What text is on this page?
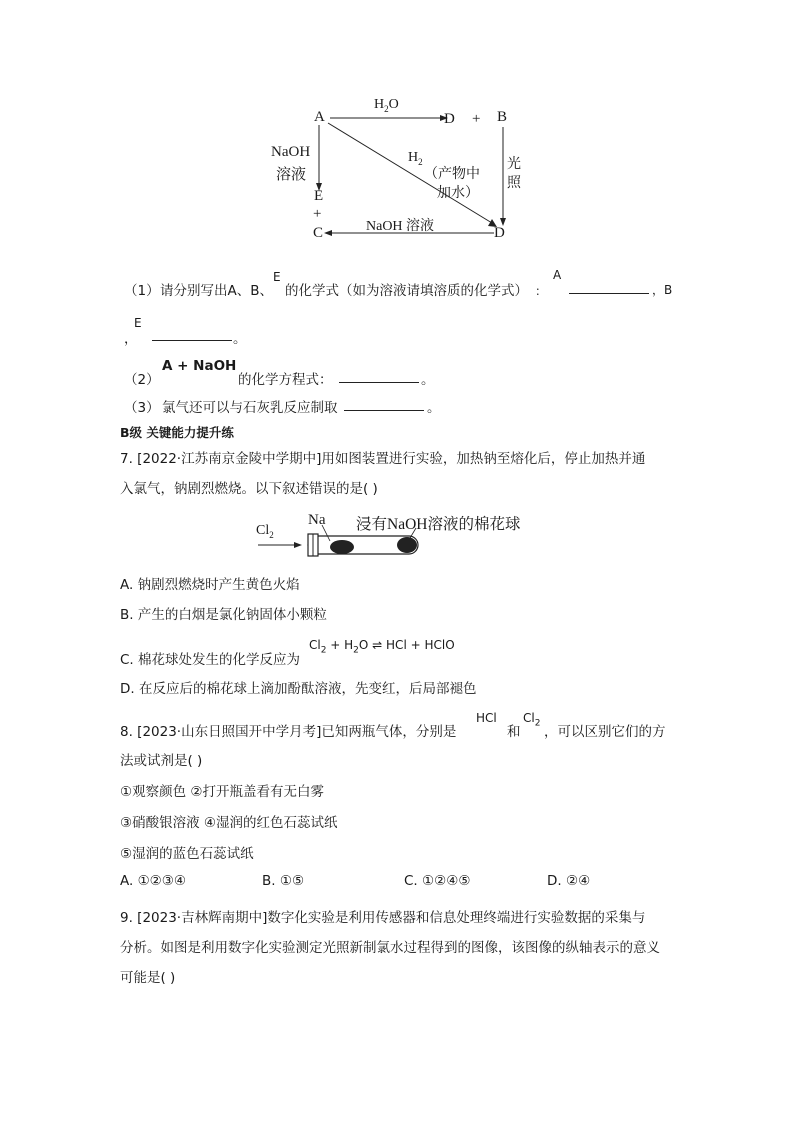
A
$H_2O$
D + B
NaOH
溶液
$H_2$
（产物中
加水）
光
照
E
+
C	NaOH 溶液	D
（1） 请分别写出A、B、
E
的化学式（如为溶液请填溶质的化学式） ：
A
，B
，
E
。
（2）
A + NaOH
的化学方程式：	。
（3） 氯气还可以与石灰乳反应制取	。
B级 关键能力提升练
7. [2022·江苏南京金陵中学期中]用如图装置进行实验，加热钠至熔化后，停止加热并通
入氯气，钠剧烈燃烧。以下叙述错误的是( )
$Cl_2$
Na 浸有NaOH溶液的棉花球
A. 钠剧烈燃烧时产生黄色火焰
B. 产生的白烟是氯化钠固体小颗粒
C. 棉花球处发生的化学反应为
$Cl_2 + H_2O$ ⇌ HCl + HClO
D. 在反应后的棉花球上滴加酚酞溶液，先变红，后局部褪色
8. [2023·山东日照国开中学月考]已知两瓶气体，分别是
HCl
和
$Cl_2$
，可以区别它们的方
法或试剂是( )
①观察颜色 ②打开瓶盖看有无白雾
③硝酸银溶液 ④湿润的红色石蕊试纸
⑤湿润的蓝色石蕊试纸
A. ①②③④	B. ①⑤	C. ①②④⑤	D. ②④
9. [2023·吉林辉南期中]数字化实验是利用传感器和信息处理终端进行实验数据的采集与
分析。如图是利用数字化实验测定光照新制氯水过程得到的图像，该图像的纵轴表示的意义
可能是( )
